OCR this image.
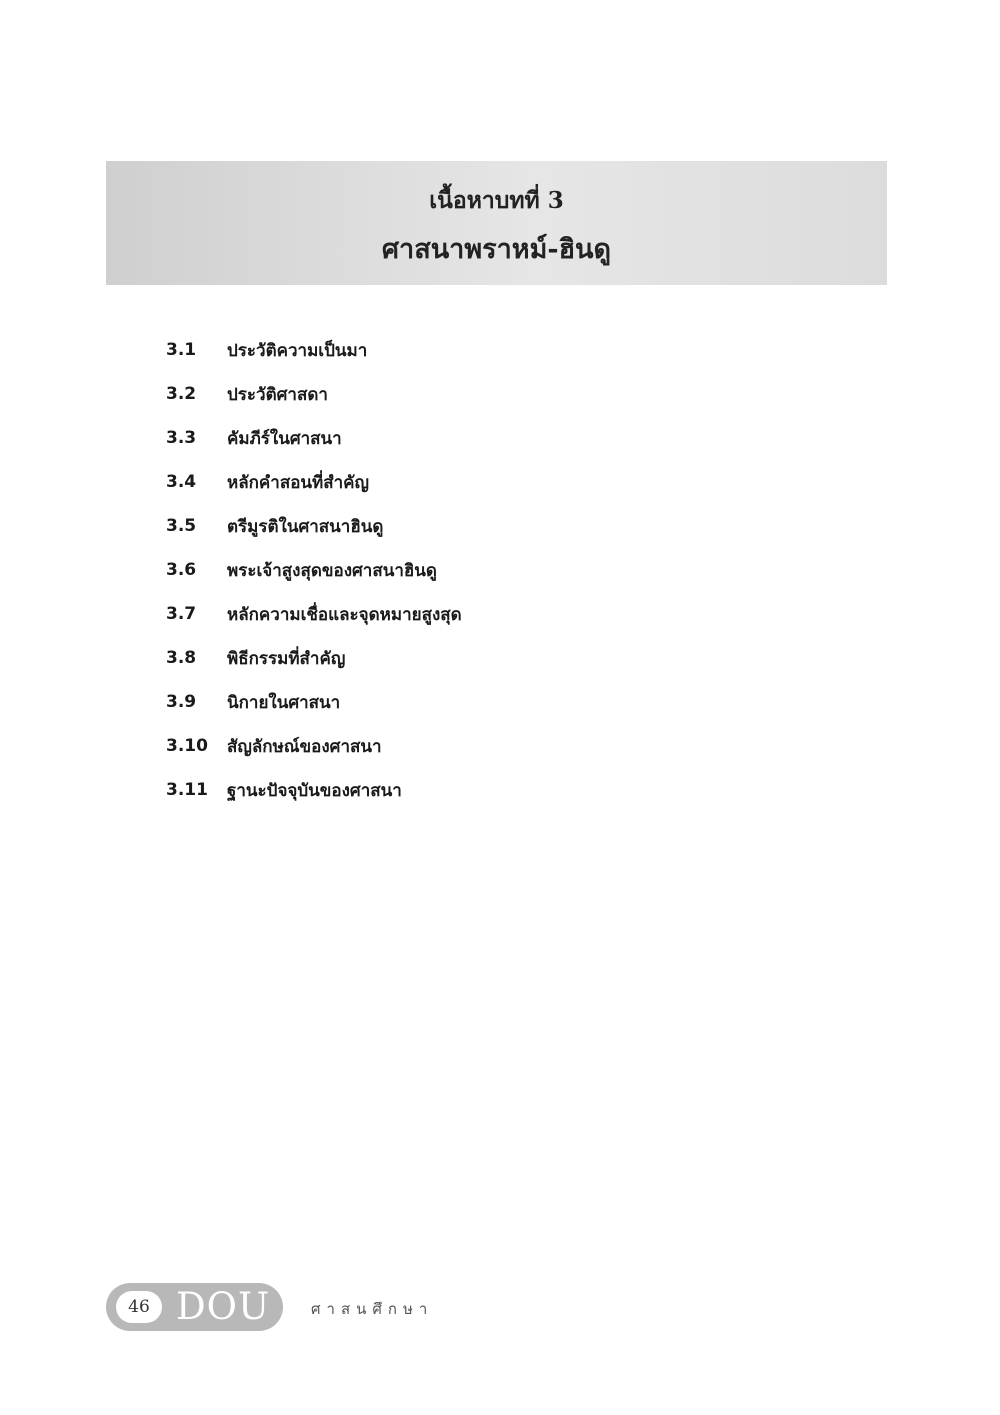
เนื้อหาบทที่ 3
ศาสนาพราหม์-ฮินดู
3.1	ประวัติความเป็นมา
3.2	ประวัติศาสดา
3.3	คัมภีร์ในศาสนา
3.4	หลักคำสอนที่สำคัญ
3.5	ตรีมูรติในศาสนาฮินดู
3.6	พระเจ้าสูงสุดของศาสนาฮินดู
3.7	หลักความเชื่อและจุดหมายสูงสุด
3.8	พิธีกรรมที่สำคัญ
3.9	นิกายในศาสนา
3.10	สัญลักษณ์ของศาสนา
3.11	ฐานะปัจจุบันของศาสนา
46 DOU	ศาสนศึกษา
